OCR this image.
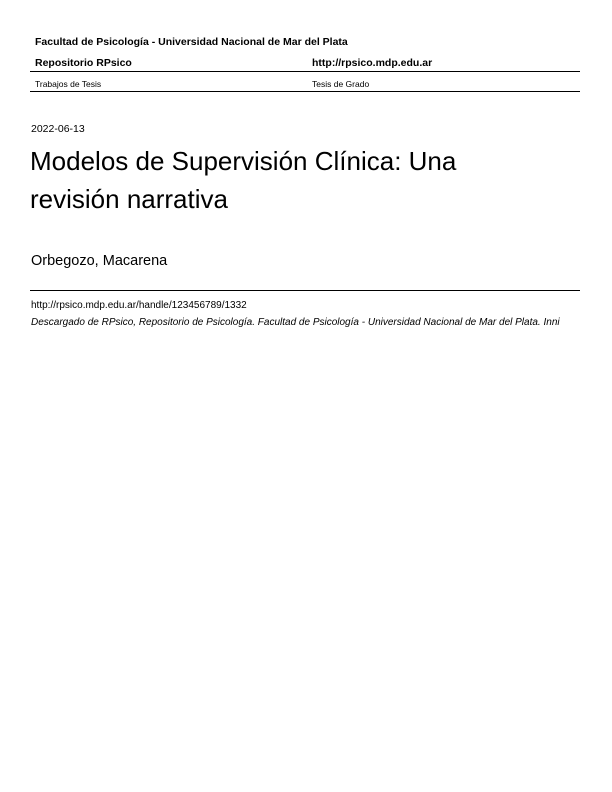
Facultad de Psicología - Universidad Nacional de Mar del Plata
Repositorio RPsico	http://rpsico.mdp.edu.ar
Trabajos de Tesis	Tesis de Grado
2022-06-13
Modelos de Supervisión Clínica: Una revisión narrativa
Orbegozo, Macarena
http://rpsico.mdp.edu.ar/handle/123456789/1332
Descargado de RPsico, Repositorio de Psicología. Facultad de Psicología - Universidad Nacional de Mar del Plata. Inni
